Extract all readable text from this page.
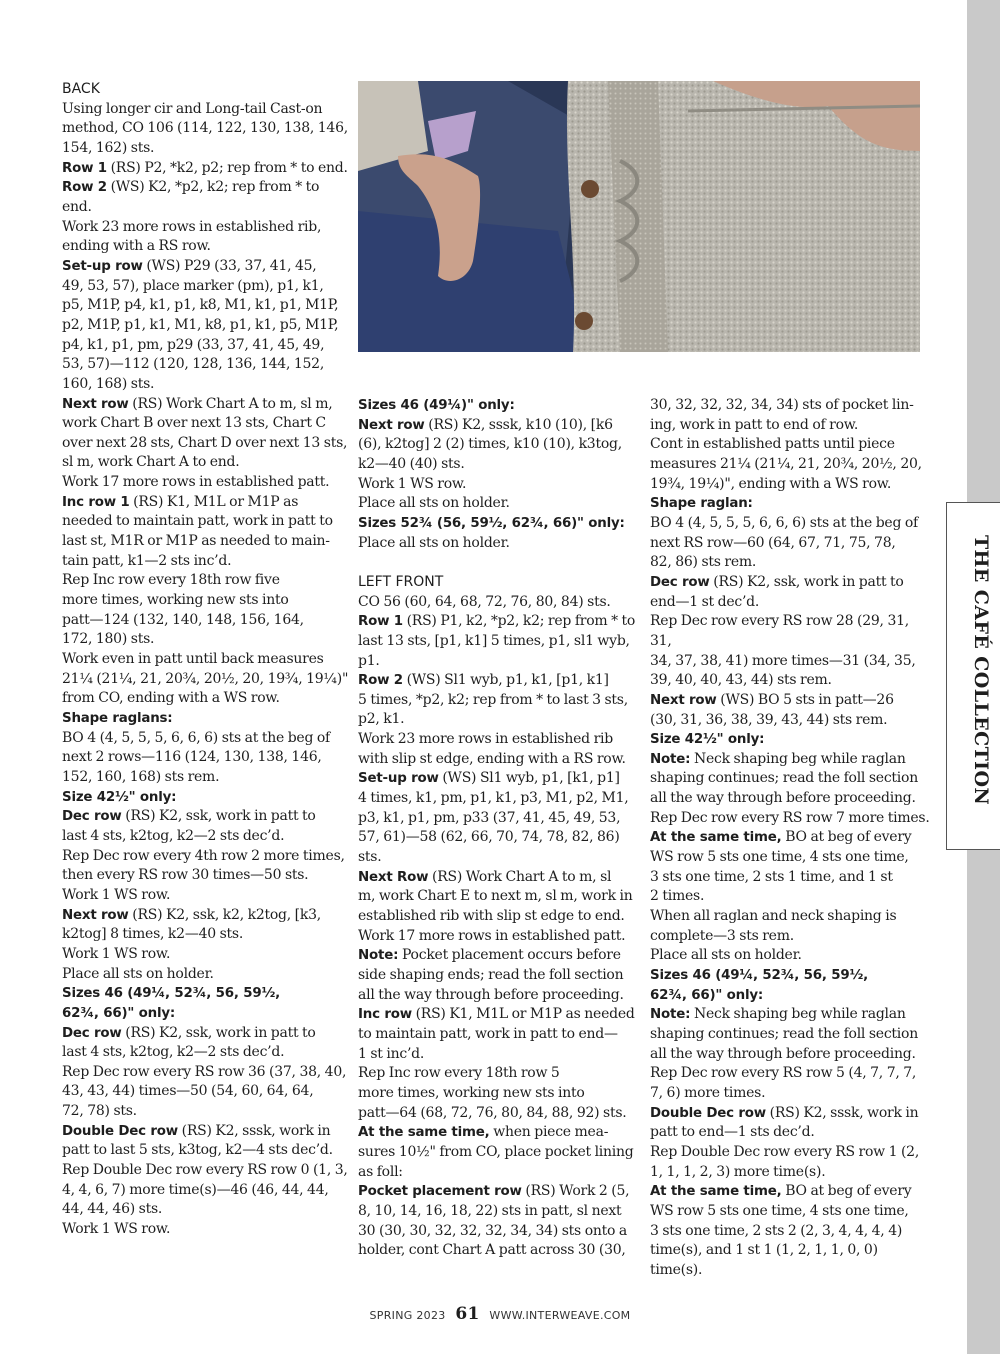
BACK

Using longer cir and Long-tail Cast-on

method, CO 106 (114, 122, 130, 138, 146,

154, 162) sts.

Row 1 (RS) P2, *k2, p2; rep from * to end.

Row 2 (WS) K2, *p2, k2; rep from * to

end.

Work 23 more rows in established rib,

ending with a RS row.

Set-up row (WS) P29 (33, 37, 41, 45,

49, 53, 57), place marker (pm), p1, k1,

p5, M1P, p4, k1, p1, k8, M1, k1, p1, M1P,

p2, M1P, p1, k1, M1, k8, p1, k1, p5, M1P,

p4, k1, p1, pm, p29 (33, 37, 41, 45, 49,

53, 57)—112 (120, 128, 136, 144, 152,

160, 168) sts.

Next row (RS) Work Chart A to m, sl m,

work Chart B over next 13 sts, Chart C

over next 28 sts, Chart D over next 13 sts,

sl m, work Chart A to end.

Work 17 more rows in established patt.

Inc row 1 (RS) K1, M1L or M1P as

needed to maintain patt, work in patt to

last st, M1R or M1P as needed to main-

tain patt, k1—2 sts inc’d.

Rep Inc row every 18th row five

more times, working new sts into

patt—124 (132, 140, 148, 156, 164,

172, 180) sts.

Work even in patt until back measures

21¼ (21¼, 21, 20¾, 20½, 20, 19¾, 19¼)"

from CO, ending with a WS row.

Shape raglans:

BO 4 (4, 5, 5, 5, 6, 6, 6) sts at the beg of

next 2 rows—116 (124, 130, 138, 146,

152, 160, 168) sts rem.

Size 42½" only:

Dec row (RS) K2, ssk, work in patt to

last 4 sts, k2tog, k2—2 sts dec’d.

Rep Dec row every 4th row 2 more times,

then every RS row 30 times—50 sts.

Work 1 WS row.

Next row (RS) K2, ssk, k2, k2tog, [k3,

k2tog] 8 times, k2—40 sts.

Work 1 WS row.

Place all sts on holder.

Sizes 46 (49¼, 52¾, 56, 59½,

62¾, 66)" only:

Dec row (RS) K2, ssk, work in patt to

last 4 sts, k2tog, k2—2 sts dec’d.

Rep Dec row every RS row 36 (37, 38, 40,

43, 43, 44) times—50 (54, 60, 64, 64,

72, 78) sts.

Double Dec row (RS) K2, sssk, work in

patt to last 5 sts, k3tog, k2—4 sts dec’d.

Rep Double Dec row every RS row 0 (1, 3,

4, 4, 6, 7) more time(s)—46 (46, 44, 44,

44, 44, 46) sts.

Work 1 WS row.

Sizes 46 (49¼)" only:

Next row (RS) K2, sssk, k10 (10), [k6

(6), k2tog] 2 (2) times, k10 (10), k3tog,

k2—40 (40) sts.

Work 1 WS row.

Place all sts on holder.

Sizes 52¾ (56, 59½, 62¾, 66)" only:

Place all sts on holder.

LEFT FRONT

CO 56 (60, 64, 68, 72, 76, 80, 84) sts.

Row 1 (RS) P1, k2, *p2, k2; rep from * to

last 13 sts, [p1, k1] 5 times, p1, sl1 wyb,

p1.

Row 2 (WS) Sl1 wyb, p1, k1, [p1, k1]

5 times, *p2, k2; rep from * to last 3 sts,

p2, k1.

Work 23 more rows in established rib

with slip st edge, ending with a RS row.

Set-up row (WS) Sl1 wyb, p1, [k1, p1]

4 times, k1, pm, p1, k1, p3, M1, p2, M1,

p3, k1, p1, pm, p33 (37, 41, 45, 49, 53,

57, 61)—58 (62, 66, 70, 74, 78, 82, 86)

sts.

Next Row (RS) Work Chart A to m, sl

m, work Chart E to next m, sl m, work in

established rib with slip st edge to end.

Work 17 more rows in established patt.

Note: Pocket placement occurs before

side shaping ends; read the foll section

all the way through before proceeding.

Inc row (RS) K1, M1L or M1P as needed

to maintain patt, work in patt to end—

1 st inc’d.

Rep Inc row every 18th row 5

more times, working new sts into

patt—64 (68, 72, 76, 80, 84, 88, 92) sts.

At the same time, when piece mea-

sures 10½" from CO, place pocket lining

as foll:

Pocket placement row (RS) Work 2 (5,

8, 10, 14, 16, 18, 22) sts in patt, sl next

30 (30, 30, 32, 32, 32, 34, 34) sts onto a

holder, cont Chart A patt across 30 (30,

30, 32, 32, 32, 34, 34) sts of pocket lin-

ing, work in patt to end of row.

Cont in established patts until piece

measures 21¼ (21¼, 21, 20¾, 20½, 20,

19¾, 19¼)", ending with a WS row.

Shape raglan:

BO 4 (4, 5, 5, 5, 6, 6, 6) sts at the beg of

next RS row—60 (64, 67, 71, 75, 78,

82, 86) sts rem.

Dec row (RS) K2, ssk, work in patt to

end—1 st dec’d.

Rep Dec row every RS row 28 (29, 31, 31,

34, 37, 38, 41) more times—31 (34, 35,

39, 40, 40, 43, 44) sts rem.

Next row (WS) BO 5 sts in patt—26

(30, 31, 36, 38, 39, 43, 44) sts rem.

Size 42½" only:

Note: Neck shaping beg while raglan

shaping continues; read the foll section

all the way through before proceeding.

Rep Dec row every RS row 7 more times.

At the same time, BO at beg of every

WS row 5 sts one time, 4 sts one time,

3 sts one time, 2 sts 1 time, and 1 st

2 times.

When all raglan and neck shaping is

complete—3 sts rem.

Place all sts on holder.

Sizes 46 (49¼, 52¾, 56, 59½,

62¾, 66)" only:

Note: Neck shaping beg while raglan

shaping continues; read the foll section

all the way through before proceeding.

Rep Dec row every RS row 5 (4, 7, 7, 7,

7, 6) more times.

Double Dec row (RS) K2, sssk, work in

patt to end—1 sts dec’d.

Rep Double Dec row every RS row 1 (2,

1, 1, 1, 2, 3) more time(s).

At the same time, BO at beg of every

WS row 5 sts one time, 4 sts one time,

3 sts one time, 2 sts 2 (2, 3, 4, 4, 4, 4)

time(s), and 1 st 1 (1, 2, 1, 1, 0, 0) time(s).

THE CAFÉ COLLECTION
SPRING 2023 61 WWW.INTERWEAVE.COM
